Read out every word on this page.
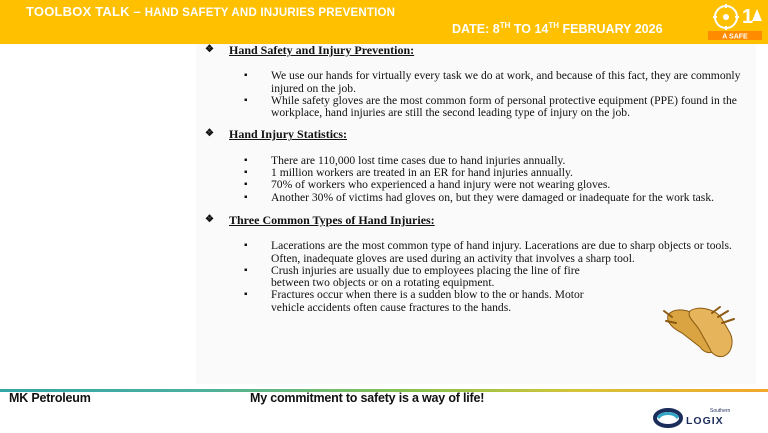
TOOLBOX TALK – HAND SAFETY AND INJURIES PREVENTION
DATE: 8TH TO 14TH FEBRUARY 2026
1
A SAFE
❖ Hand Safety and Injury Prevention:
▪ We use our hands for virtually every task we do at work, and because of this fact, they are commonly injured on the job.
▪ While safety gloves are the most common form of personal protective equipment (PPE) found in the workplace, hand injuries are still the second leading type of injury on the job.
❖ Hand Injury Statistics:
▪ There are 110,000 lost time cases due to hand injuries annually.
▪ 1 million workers are treated in an ER for hand injuries annually.
▪ 70% of workers who experienced a hand injury were not wearing gloves.
▪ Another 30% of victims had gloves on, but they were damaged or inadequate for the work task.
❖ Three Common Types of Hand Injuries:
▪ Lacerations are the most common type of hand injury. Lacerations are due to sharp objects or tools. Often, inadequate gloves are used during an activity that involves a sharp tool.
▪ Crush injuries are usually due to employees placing the line of fire between two objects or on a rotating equipment.
▪ Fractures occur when there is a sudden blow to the or hands. Motor vehicle accidents often cause fractures to the hands.
MK Petroleum	My commitment to safety is a way of life!
Southern
LOGIX
